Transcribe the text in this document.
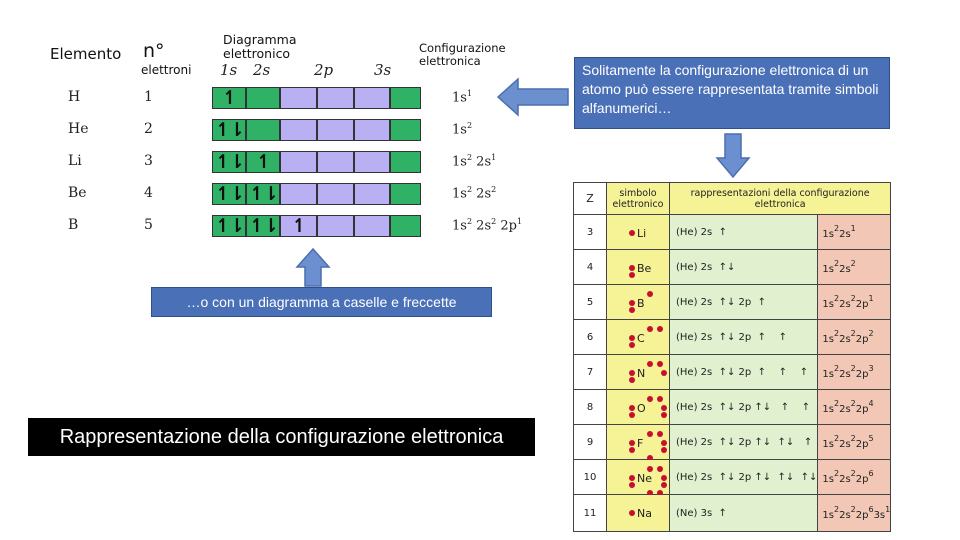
Elemento n°
elettroni
Diagramma elettronico
1s 2s	2p	3s
Configurazione elettronica
H	1	↿	$1s^1$
He	2	↿⇂	$1s^2$
Li	3	↿⇂ ↿	$1s^2$ $2s^1$
Be	4	↿⇂ ↿⇂	$1s^2$ $2s^2$
B	5	↿⇂ ↿⇂ ↿	$1s^2$ $2s^2$ $2p^1$
Solitamente la configurazione elettronica di un atomo può essere rappresentata tramite simboli alfanumerici…
…o con un diagramma a caselle e freccette
Rappresentazione della configurazione elettronica
Z	simbolo elettronico	rappresentazioni della configurazione elettronica	
3	Li	(He) 2s  ↑	$1s^22s^1$
4	Be	(He) 2s  ↑↓	$1s^22s^2$
5	B	(He) 2s  ↑↓ 2p  ↑	$1s^22s^22p^1$
6	C	(He) 2s  ↑↓ 2p  ↑    ↑	$1s^22s^22p^2$
7	N	(He) 2s  ↑↓ 2p  ↑    ↑    ↑	$1s^22s^22p^3$
8	O	(He) 2s  ↑↓ 2p ↑↓   ↑    ↑	$1s^22s^22p^4$
9	F	(He) 2s  ↑↓ 2p ↑↓  ↑↓   ↑	$1s^22s^22p^5$
10	Ne	(He) 2s  ↑↓ 2p ↑↓  ↑↓  ↑↓	$1s^22s^22p^6$
11	Na	(Ne) 3s  ↑	$1s^22s^22p^63s^1$
